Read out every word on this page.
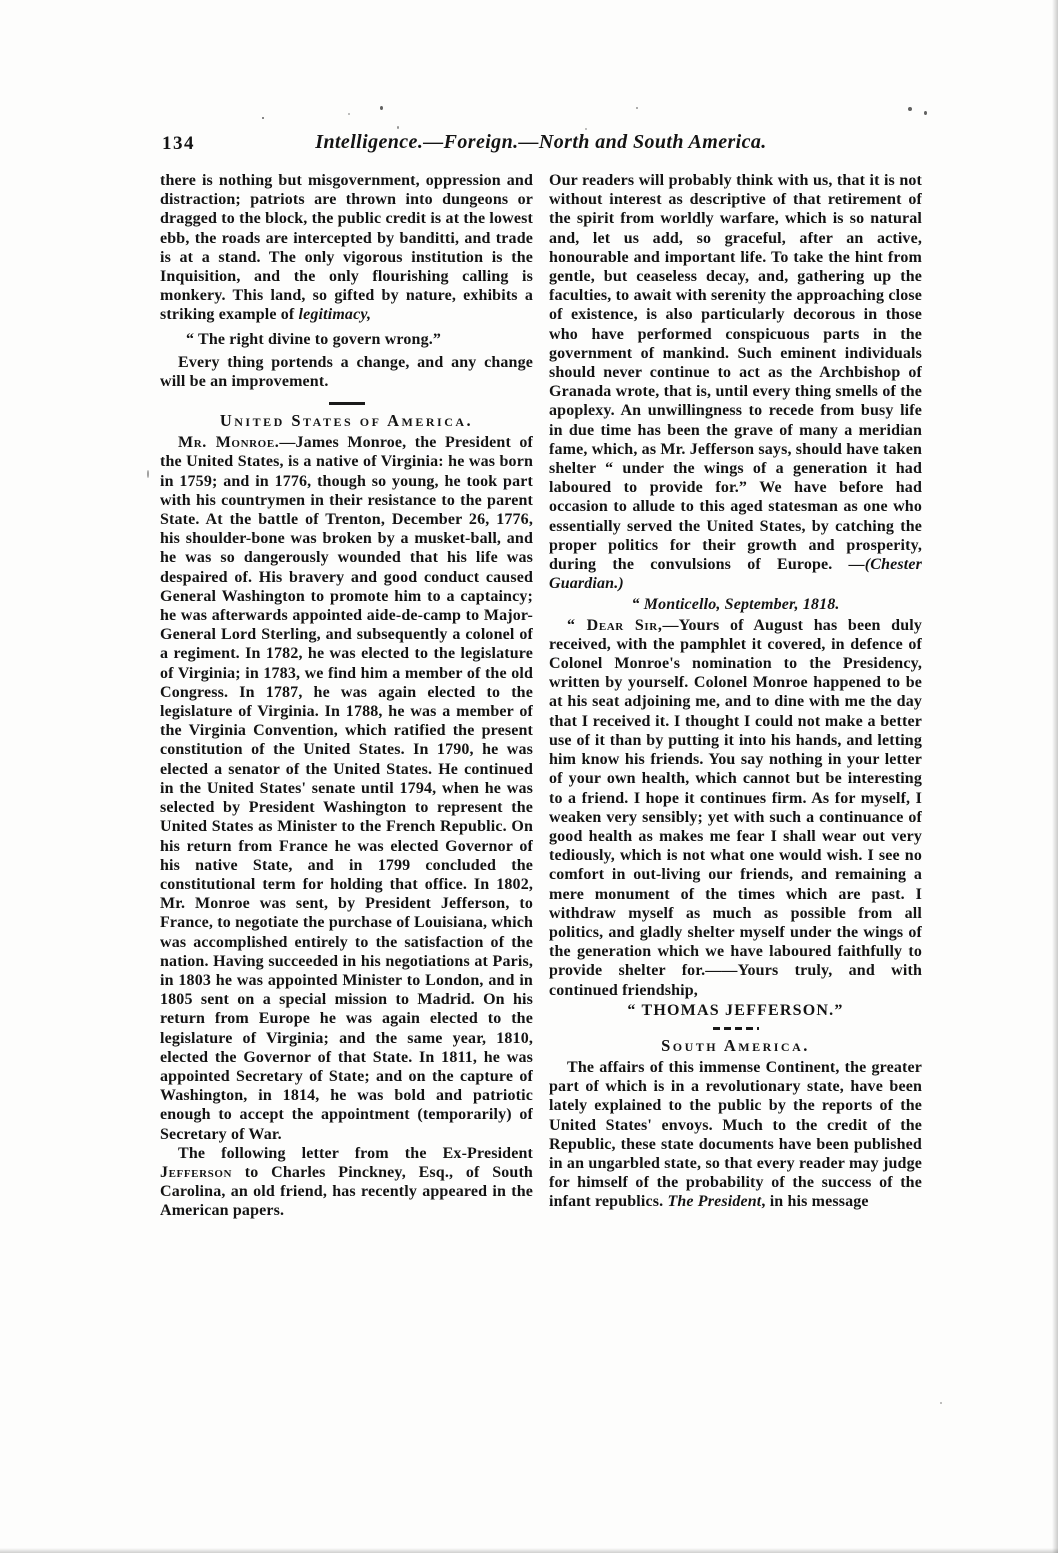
134	Intelligence.—Foreign.—North and South America.

there is nothing but misgovernment, oppression and distraction; patriots are thrown into dungeons or dragged to the block, the public credit is at the lowest ebb, the roads are intercepted by banditti, and trade is at a stand. The only vigorous institution is the Inquisition, and the only flourishing calling is monkery. This land, so gifted by nature, exhibits a striking example of legitimacy,

“ The right divine to govern wrong.”

Every thing portends a change, and any change will be an improvement.

United States of America.

Mr. Monroe.—James Monroe, the President of the United States, is a native of Virginia: he was born in 1759; and in 1776, though so young, he took part with his countrymen in their resistance to the parent State. At the battle of Trenton, December 26, 1776, his shoulder-bone was broken by a musket-ball, and he was so dangerously wounded that his life was despaired of. His bravery and good conduct caused General Washington to promote him to a captaincy; he was afterwards appointed aide-de-camp to Major-General Lord Sterling, and subsequently a colonel of a regiment. In 1782, he was elected to the legislature of Virginia; in 1783, we find him a member of the old Congress. In 1787, he was again elected to the legislature of Virginia. In 1788, he was a member of the Virginia Convention, which ratified the present constitution of the United States. In 1790, he was elected a senator of the United States. He continued in the United States' senate until 1794, when he was selected by President Washington to represent the United States as Minister to the French Republic. On his return from France he was elected Governor of his native State, and in 1799 concluded the constitutional term for holding that office. In 1802, Mr. Monroe was sent, by President Jefferson, to France, to negotiate the purchase of Louisiana, which was accomplished entirely to the satisfaction of the nation. Having succeeded in his negotiations at Paris, in 1803 he was appointed Minister to London, and in 1805 sent on a special mission to Madrid. On his return from Europe he was again elected to the legislature of Virginia; and the same year, 1810, elected the Governor of that State. In 1811, he was appointed Secretary of State; and on the capture of Washington, in 1814, he was bold and patriotic enough to accept the appointment (temporarily) of Secretary of War.

The following letter from the Ex-President Jefferson to Charles Pinckney, Esq., of South Carolina, an old friend, has recently appeared in the American papers.

Our readers will probably think with us, that it is not without interest as descriptive of that retirement of the spirit from worldly warfare, which is so natural and, let us add, so graceful, after an active, honourable and important life. To take the hint from gentle, but ceaseless decay, and, gathering up the faculties, to await with serenity the approaching close of existence, is also particularly decorous in those who have performed conspicuous parts in the government of mankind. Such eminent individuals should never continue to act as the Archbishop of Granada wrote, that is, until every thing smells of the apoplexy. An unwillingness to recede from busy life in due time has been the grave of many a meridian fame, which, as Mr. Jefferson says, should have taken shelter “ under the wings of a generation it had laboured to provide for.” We have before had occasion to allude to this aged statesman as one who essentially served the United States, by catching the proper politics for their growth and prosperity, during the convulsions of Europe. —(Chester Guardian.)

“ Monticello, September, 1818.

“ Dear Sir,—Yours of August has been duly received, with the pamphlet it covered, in defence of Colonel Monroe's nomination to the Presidency, written by yourself. Colonel Monroe happened to be at his seat adjoining me, and to dine with me the day that I received it. I thought I could not make a better use of it than by putting it into his hands, and letting him know his friends. You say nothing in your letter of your own health, which cannot but be interesting to a friend. I hope it continues firm. As for myself, I weaken very sensibly; yet with such a continuance of good health as makes me fear I shall wear out very tediously, which is not what one would wish. I see no comfort in out-living our friends, and remaining a mere monument of the times which are past. I withdraw myself as much as possible from all politics, and gladly shelter myself under the wings of the generation which we have laboured faithfully to provide shelter for.——Yours truly, and with continued friendship,

“ THOMAS JEFFERSON.”

South America.

The affairs of this immense Continent, the greater part of which is in a revolutionary state, have been lately explained to the public by the reports of the United States' envoys. Much to the credit of the Republic, these state documents have been published in an ungarbled state, so that every reader may judge for himself of the probability of the success of the infant republics. The President, in his message
